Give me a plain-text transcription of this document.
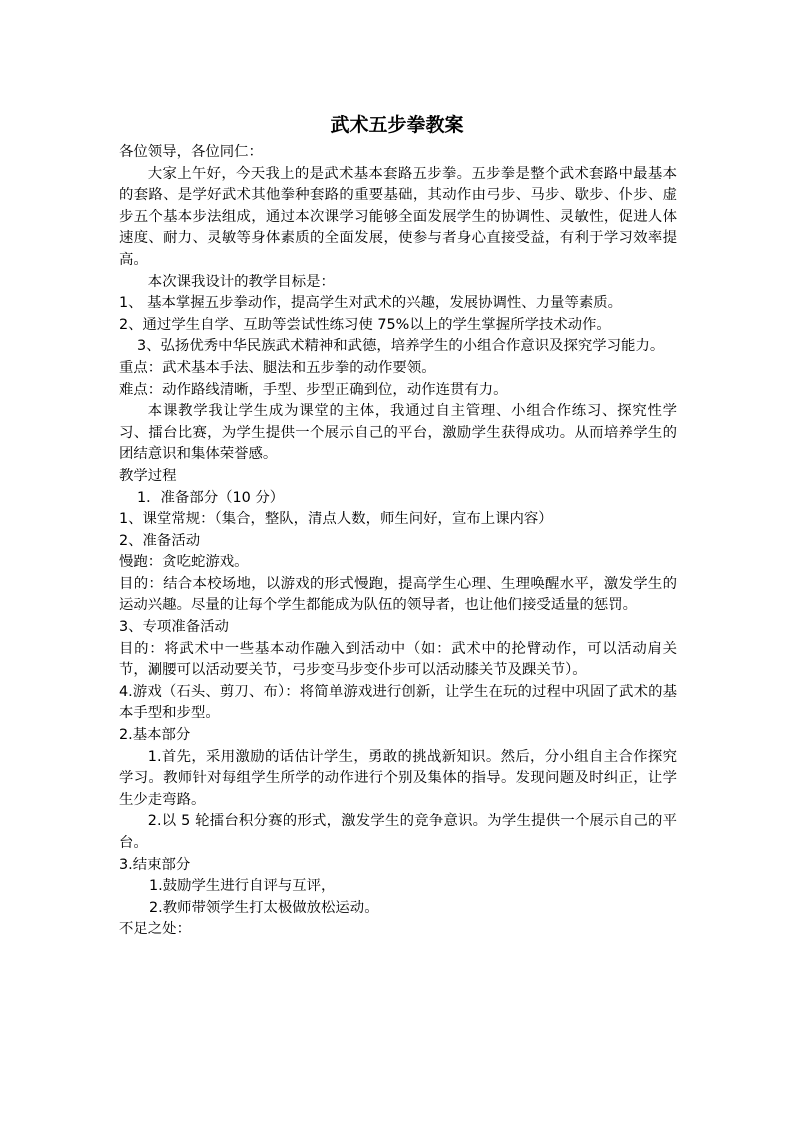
武术五步拳教案

各位领导，各位同仁：

大家上午好，今天我上的是武术基本套路五步拳。五步拳是整个武术套路中最基本的套路、是学好武术其他拳种套路的重要基础，其动作由弓步、马步、歇步、仆步、虚步五个基本步法组成，通过本次课学习能够全面发展学生的协调性、灵敏性，促进人体速度、耐力、灵敏等身体素质的全面发展，使参与者身心直接受益，有利于学习效率提高。

本次课我设计的教学目标是：

1、 基本掌握五步拳动作，提高学生对武术的兴趣，发展协调性、力量等素质。

2、通过学生自学、互助等尝试性练习使 75%以上的学生掌握所学技术动作。

3、弘扬优秀中华民族武术精神和武德，培养学生的小组合作意识及探究学习能力。

重点：武术基本手法、腿法和五步拳的动作要领。

难点：动作路线清晰，手型、步型正确到位，动作连贯有力。

本课教学我让学生成为课堂的主体，我通过自主管理、小组合作练习、探究性学习、擂台比赛，为学生提供一个展示自己的平台，激励学生获得成功。从而培养学生的团结意识和集体荣誉感。

教学过程

1．准备部分（10 分）

1、课堂常规：（集合，整队，清点人数，师生问好，宣布上课内容）

2、准备活动

慢跑：贪吃蛇游戏。

目的：结合本校场地，以游戏的形式慢跑，提高学生心理、生理唤醒水平，激发学生的运动兴趣。尽量的让每个学生都能成为队伍的领导者，也让他们接受适量的惩罚。

3、专项准备活动

目的：将武术中一些基本动作融入到活动中（如：武术中的抡臂动作，可以活动肩关节，涮腰可以活动要关节，弓步变马步变仆步可以活动膝关节及踝关节）。

4.游戏（石头、剪刀、布）：将简单游戏进行创新，让学生在玩的过程中巩固了武术的基本手型和步型。

2.基本部分

1.首先，采用激励的话估计学生，勇敢的挑战新知识。然后，分小组自主合作探究学习。教师针对每组学生所学的动作进行个别及集体的指导。发现问题及时纠正，让学生少走弯路。

2.以 5 轮擂台积分赛的形式，激发学生的竞争意识。为学生提供一个展示自己的平台。

3.结束部分

1.鼓励学生进行自评与互评，

2.教师带领学生打太极做放松运动。

不足之处：
